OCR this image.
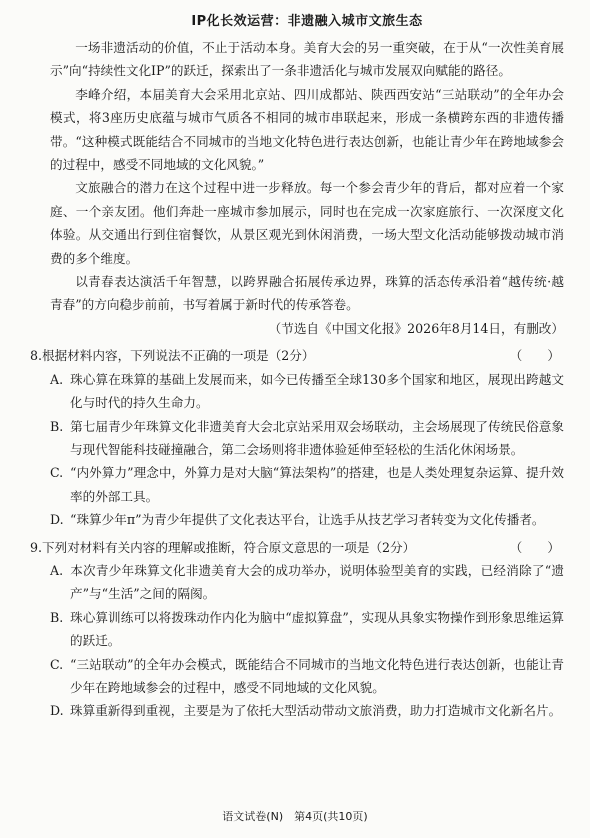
IP化长效运营：非遗融入城市文旅生态

一场非遗活动的价值，不止于活动本身。美育大会的另一重突破，在于从“一次性美育展示”向“持续性文化IP”的跃迁，探索出了一条非遗活化与城市发展双向赋能的路径。

李峰介绍，本届美育大会采用北京站、四川成都站、陕西西安站“三站联动”的全年办会模式，将3座历史底蕴与城市气质各不相同的城市串联起来，形成一条横跨东西的非遗传播带。“这种模式既能结合不同城市的当地文化特色进行表达创新，也能让青少年在跨地域参会的过程中，感受不同地域的文化风貌。”

文旅融合的潜力在这个过程中进一步释放。每一个参会青少年的背后，都对应着一个家庭、一个亲友团。他们奔赴一座城市参加展示，同时也在完成一次家庭旅行、一次深度文化体验。从交通出行到住宿餐饮，从景区观光到休闲消费，一场大型文化活动能够拨动城市消费的多个维度。

以青春表达演活千年智慧，以跨界融合拓展传承边界，珠算的活态传承沿着“越传统·越青春”的方向稳步前前，书写着属于新时代的传承答卷。

（节选自《中国文化报》2026年8月14日，有删改）

8.根据材料内容，下列说法不正确的一项是（2分）	（　　）

A. 珠心算在珠算的基础上发展而来，如今已传播至全球130多个国家和地区，展现出跨越文化与时代的持久生命力。

B. 第七届青少年珠算文化非遗美育大会北京站采用双会场联动，主会场展现了传统民俗意象与现代智能科技碰撞融合，第二会场则将非遗体验延伸至轻松的生活化休闲场景。

C. “内外算力”理念中，外算力是对大脑“算法架构”的搭建，也是人类处理复杂运算、提升效率的外部工具。

D. “珠算少年π”为青少年提供了文化表达平台，让选手从技艺学习者转变为文化传播者。

9.下列对材料有关内容的理解或推断，符合原文意思的一项是（2分）	（　　）

A. 本次青少年珠算文化非遗美育大会的成功举办，说明体验型美育的实践，已经消除了“遗产”与“生活”之间的隔阂。

B. 珠心算训练可以将拨珠动作内化为脑中“虚拟算盘”，实现从具象实物操作到形象思维运算的跃迁。

C. “三站联动”的全年办会模式，既能结合不同城市的当地文化特色进行表达创新，也能让青少年在跨地域参会的过程中，感受不同地域的文化风貌。

D. 珠算重新得到重视，主要是为了依托大型活动带动文旅消费，助力打造城市文化新名片。

语文试卷(N)　第4页(共10页)
